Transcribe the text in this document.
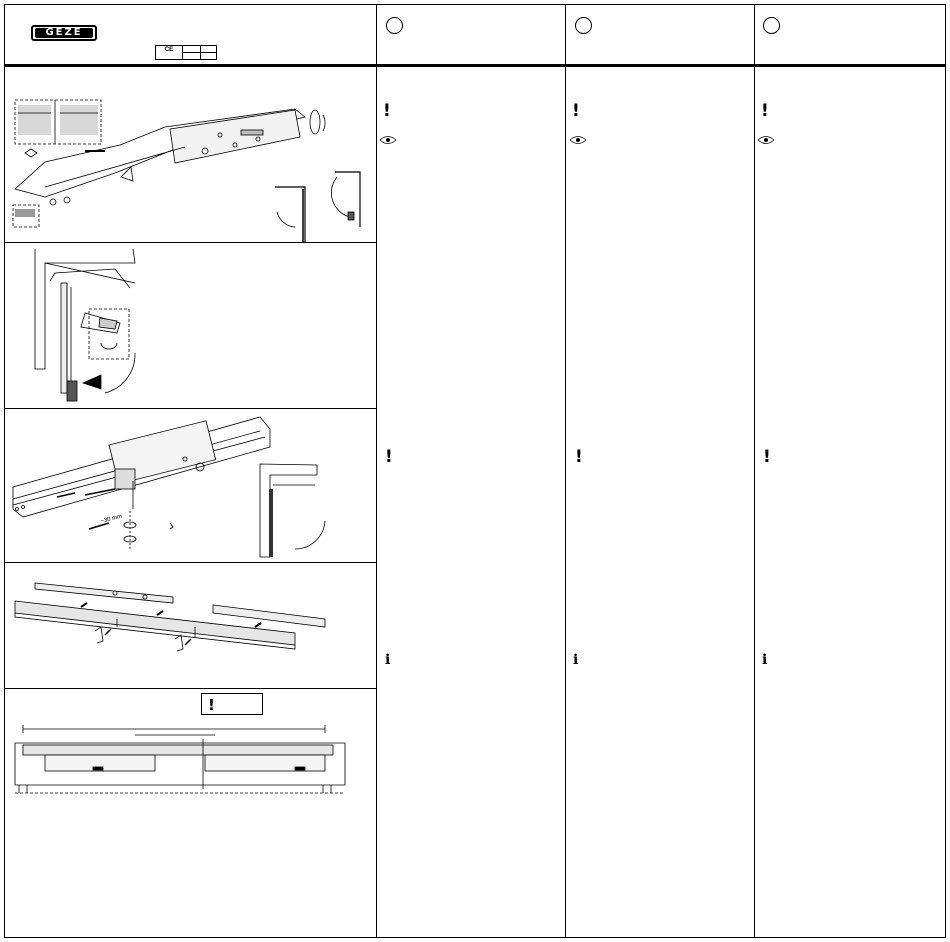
GEZE
CE
~30 mm
!
!
!
i
!
!
i
!
!
i
